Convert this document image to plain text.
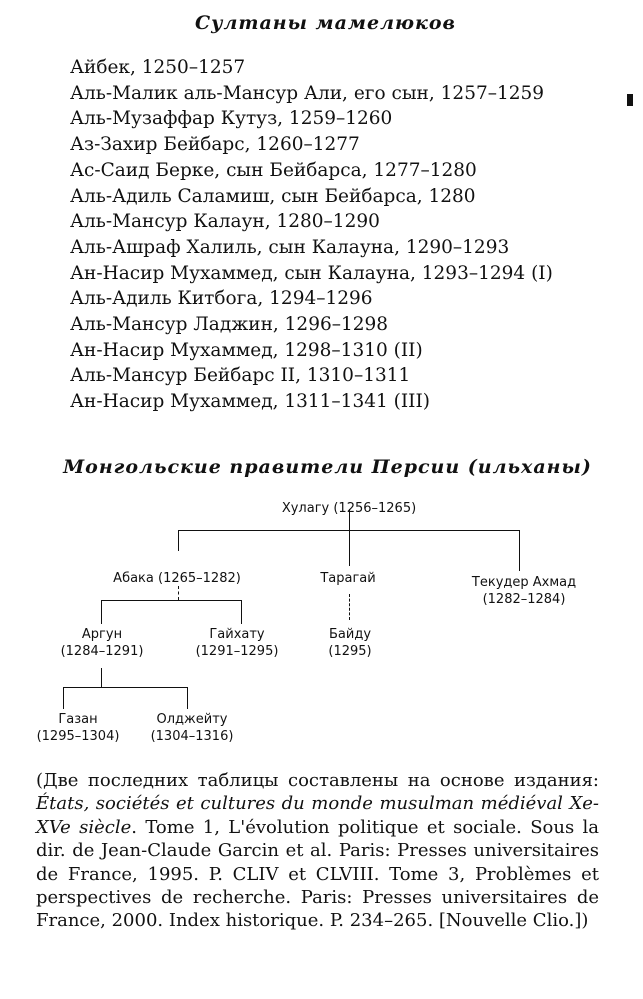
Султаны мамелюков
Айбек, 1250–1257
Аль-Малик аль-Мансур Али, его сын, 1257–1259
Аль-Музаффар Кутуз, 1259–1260
Аз-Захир Бейбарс, 1260–1277
Ас-Саид Берке, сын Бейбарса, 1277–1280
Аль-Адиль Саламиш, сын Бейбарса, 1280
Аль-Мансур Калаун, 1280–1290
Аль-Ашраф Халиль, сын Калауна, 1290–1293
Ан-Насир Мухаммед, сын Калауна, 1293–1294 (I)
Аль-Адиль Китбога, 1294–1296
Аль-Мансур Ладжин, 1296–1298
Ан-Насир Мухаммед, 1298–1310 (II)
Аль-Мансур Бейбарс II, 1310–1311
Ан-Насир Мухаммед, 1311–1341 (III)
Монгольские правители Персии (ильханы)
Хулагу (1256–1265)
Абака (1265–1282)	Тарагай	Текудер Ахмад
(1282–1284)
Аргун
(1284–1291)
Гайхату
(1291–1295)
Байду
(1295)
Газан
(1295–1304)
Олджейту
(1304–1316)

(Две последних таблицы составлены на основе издания: États, sociétés et cultures du monde musulman médiéval Xe-XVe siècle. Tome 1, L'évolution politique et sociale. Sous la dir. de Jean-Claude Garcin et al. Paris: Presses universitaires de France, 1995. P. CLIV et CLVIII. Tome 3, Problèmes et perspectives de recherche. Paris: Presses universitaires de France, 2000. Index historique. P. 234–265. [Nouvelle Clio.])
